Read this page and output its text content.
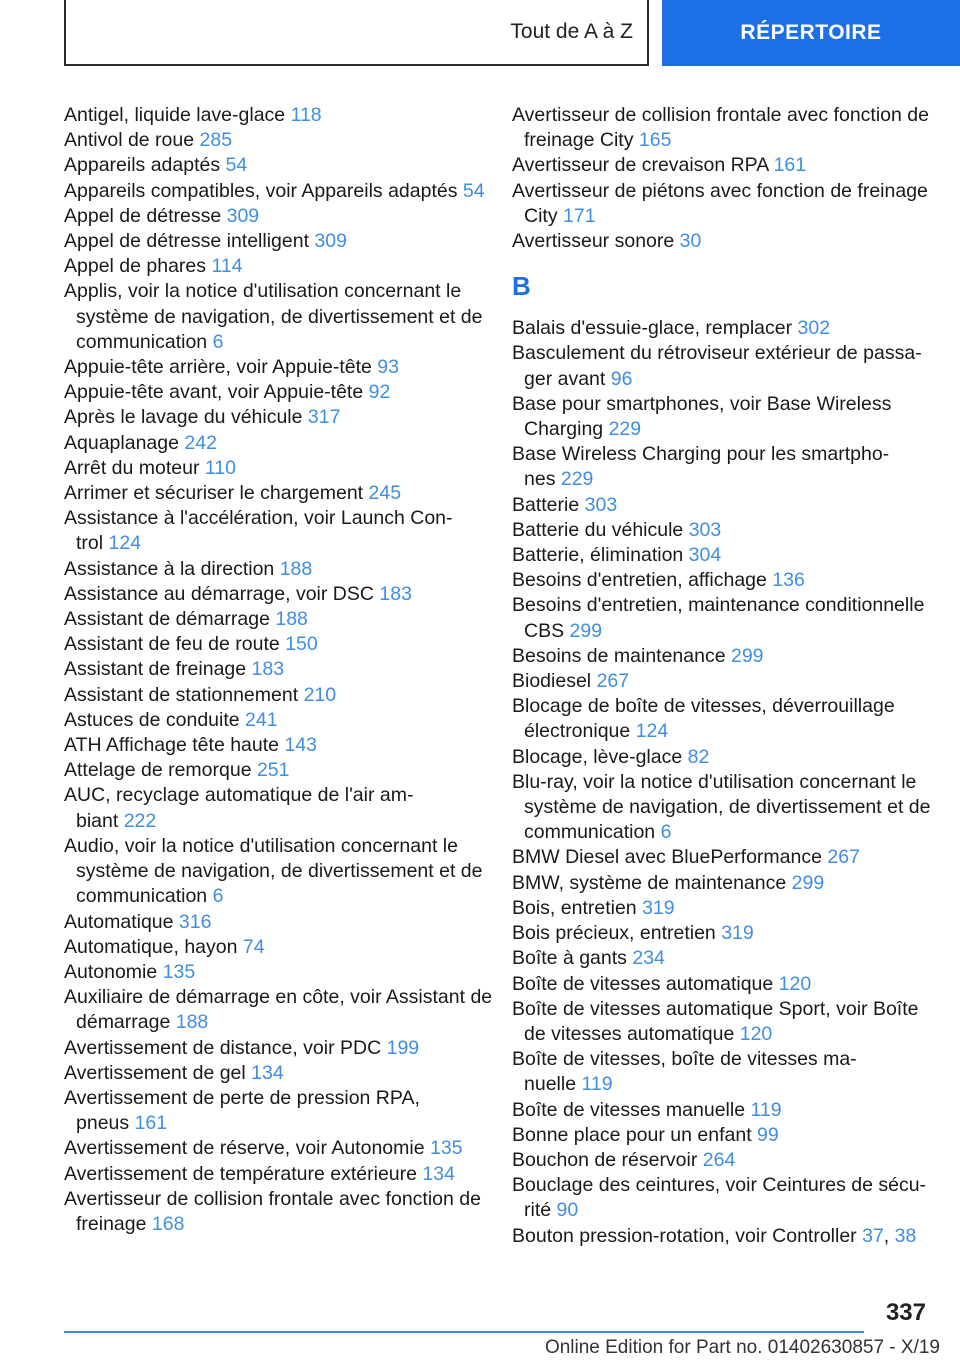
Tout de A à Z	RÉPERTOIRE
Antigel, liquide lave-glace 118
Antivol de roue 285
Appareils adaptés 54
Appareils compatibles, voir Appareils adaptés 54
Appel de détresse 309
Appel de détresse intelligent 309
Appel de phares 114
Applis, voir la notice d'utilisation concernant le
système de navigation, de divertissement et de
communication 6
Appuie-tête arrière, voir Appuie-tête 93
Appuie-tête avant, voir Appuie-tête 92
Après le lavage du véhicule 317
Aquaplanage 242
Arrêt du moteur 110
Arrimer et sécuriser le chargement 245
Assistance à l'accélération, voir Launch Con-
trol 124
Assistance à la direction 188
Assistance au démarrage, voir DSC 183
Assistant de démarrage 188
Assistant de feu de route 150
Assistant de freinage 183
Assistant de stationnement 210
Astuces de conduite 241
ATH Affichage tête haute 143
Attelage de remorque 251
AUC, recyclage automatique de l'air am-
biant 222
Audio, voir la notice d'utilisation concernant le
système de navigation, de divertissement et de
communication 6
Automatique 316
Automatique, hayon 74
Autonomie 135
Auxiliaire de démarrage en côte, voir Assistant de
démarrage 188
Avertissement de distance, voir PDC 199
Avertissement de gel 134
Avertissement de perte de pression RPA,
pneus 161
Avertissement de réserve, voir Autonomie 135
Avertissement de température extérieure 134
Avertisseur de collision frontale avec fonction de
freinage 168
Avertisseur de collision frontale avec fonction de
freinage City 165
Avertisseur de crevaison RPA 161
Avertisseur de piétons avec fonction de freinage
City 171
Avertisseur sonore 30
B
Balais d'essuie-glace, remplacer 302
Basculement du rétroviseur extérieur de passa-
ger avant 96
Base pour smartphones, voir Base Wireless
Charging 229
Base Wireless Charging pour les smartpho-
nes 229
Batterie 303
Batterie du véhicule 303
Batterie, élimination 304
Besoins d'entretien, affichage 136
Besoins d'entretien, maintenance conditionnelle
CBS 299
Besoins de maintenance 299
Biodiesel 267
Blocage de boîte de vitesses, déverrouillage
électronique 124
Blocage, lève-glace 82
Blu-ray, voir la notice d'utilisation concernant le
système de navigation, de divertissement et de
communication 6
BMW Diesel avec BluePerformance 267
BMW, système de maintenance 299
Bois, entretien 319
Bois précieux, entretien 319
Boîte à gants 234
Boîte de vitesses automatique 120
Boîte de vitesses automatique Sport, voir Boîte
de vitesses automatique 120
Boîte de vitesses, boîte de vitesses ma-
nuelle 119
Boîte de vitesses manuelle 119
Bonne place pour un enfant 99
Bouchon de réservoir 264
Bouclage des ceintures, voir Ceintures de sécu-
rité 90
Bouton pression-rotation, voir Controller 37, 38
337
Online Edition for Part no. 01402630857 - X/19
